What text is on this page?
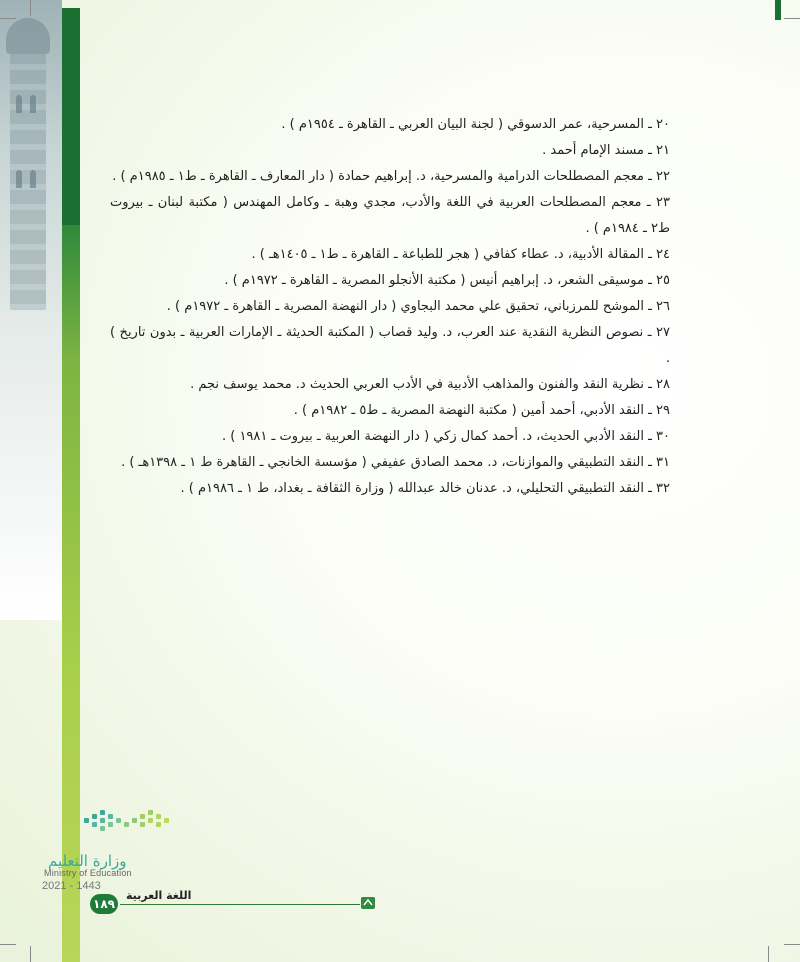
٢٠ ـ المسرحية، عمر الدسوقي ( لجنة البيان العربي ـ القاهرة ـ ١٩٥٤م ) .

٢١ ـ مسند الإمام أحمد .

٢٢ ـ معجم المصطلحات الدرامية والمسرحية، د. إبراهيم حمادة ( دار المعارف ـ القاهرة ـ ط١ ـ ١٩٨٥م ) .

٢٣ ـ معجم المصطلحات العربية في اللغة والأدب، مجدي وهبة ـ وكامل المهندس ( مكتبة لبنان ـ بيروت ط٢ ـ ١٩٨٤م ) .

٢٤ ـ المقالة الأدبية، د. عطاء كفافي ( هجر للطباعة ـ القاهرة ـ ط١ ـ ١٤٠٥هـ ) .

٢٥ ـ موسيقى الشعر، د. إبراهيم أنيس ( مكتبة الأنجلو المصرية ـ القاهرة ـ ١٩٧٢م ) .

٢٦ ـ الموشح للمرزباني، تحقيق علي محمد البجاوي ( دار النهضة المصرية ـ القاهرة ـ ١٩٧٢م ) .

٢٧ ـ نصوص النظرية النقدية عند العرب، د. وليد قصاب ( المكتبة الحديثة ـ الإمارات العربية ـ بدون تاريخ ) .

٢٨ ـ نظرية النقد والفنون والمذاهب الأدبية في الأدب العربي الحديث د. محمد يوسف نجم .

٢٩ ـ النقد الأدبي، أحمد أمين ( مكتبة النهضة المصرية ـ ط٥ ـ ١٩٨٢م ) .

٣٠ ـ النقد الأدبي الحديث، د. أحمد كمال زكي ( دار النهضة العربية ـ بيروت ـ ١٩٨١ ) .

٣١ ـ النقد التطبيقي والموازنات، د. محمد الصادق عفيفي ( مؤسسة الخانجي ـ القاهرة ط ١ ـ ١٣٩٨هـ ) .

٣٢ ـ النقد التطبيقي التحليلي، د. عدنان خالد عبدالله ( وزارة الثقافة ـ بغداد، ط ١ ـ ١٩٨٦م ) .

وزارة التعليم
Ministry of Education
2021 - 1443
١٨٩
اللغة العربية
